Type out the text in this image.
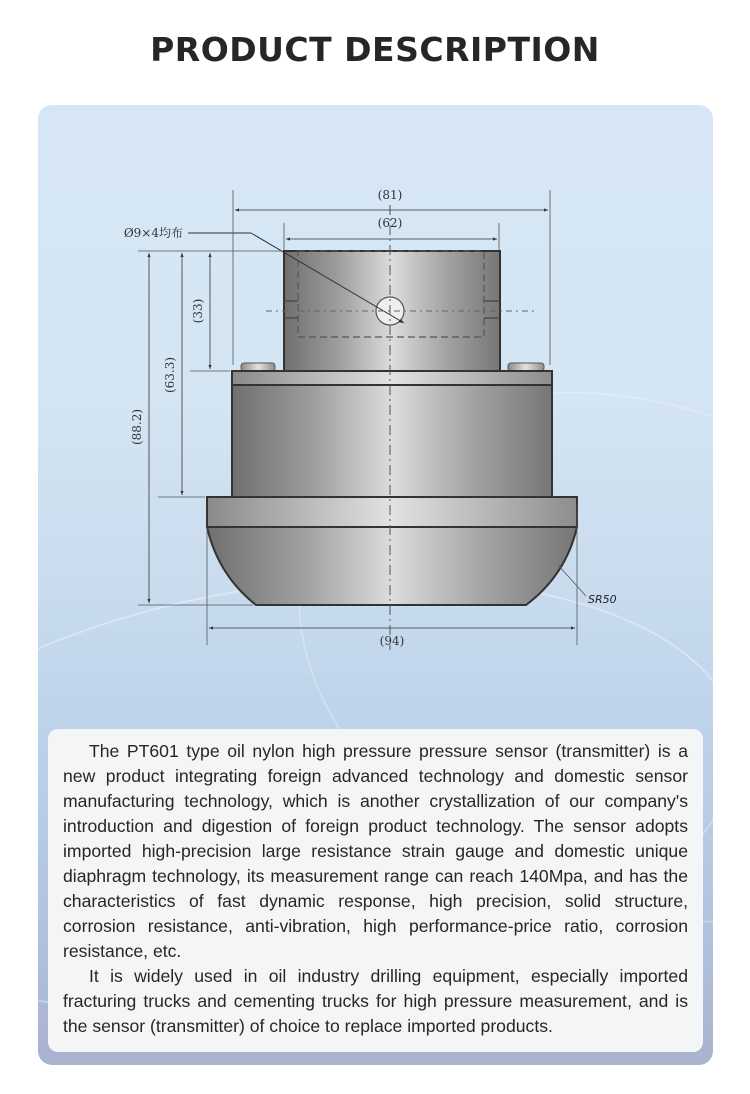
PRODUCT DESCRIPTION
(81)
(62)
Ø9×4均布
(33)
(63.3)
(88.2)
(94)
SR50

The PT601 type oil nylon high pressure pressure sensor (transmitter) is a new product integrating foreign advanced technology and domestic sensor manufacturing technology, which is another crystallization of our company's introduction and digestion of foreign product technology. The sensor adopts imported high-precision large resistance strain gauge and domestic unique diaphragm technology, its measurement range can reach 140Mpa, and has the characteristics of fast dynamic response, high precision, solid structure, corrosion resistance, anti-vibration, high performance-price ratio, corrosion resistance, etc.

It is widely used in oil industry drilling equipment, especially imported fracturing trucks and cementing trucks for high pressure measurement, and is the sensor (transmitter) of choice to replace imported products.
